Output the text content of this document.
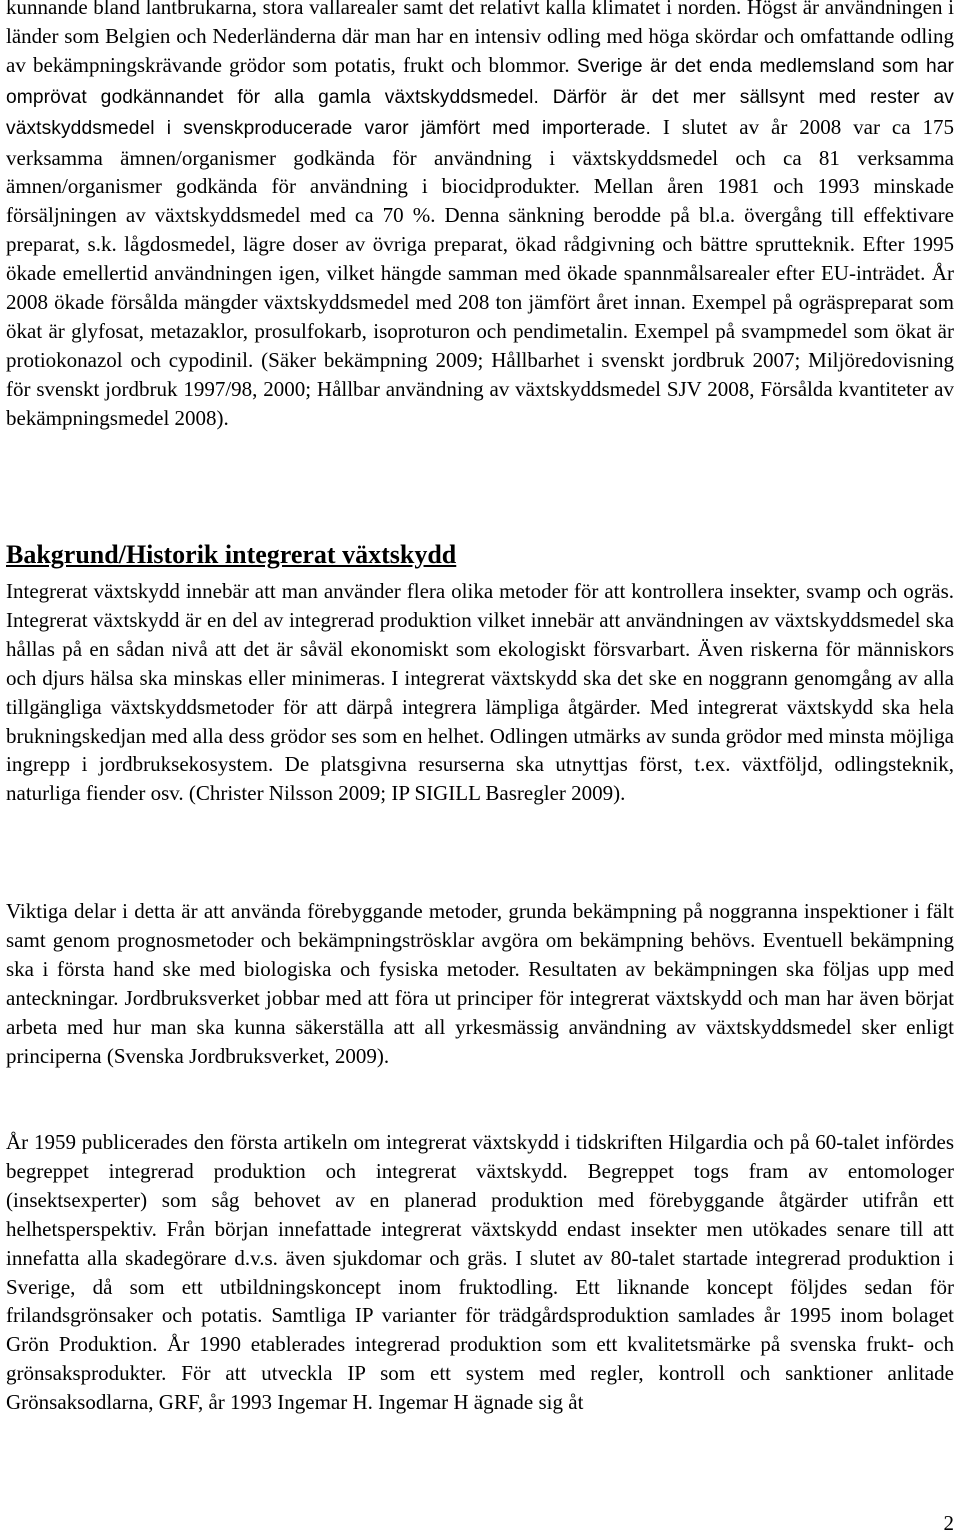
kunnande bland lantbrukarna, stora vallarealer samt det relativt kalla klimatet i norden. Högst är användningen i länder som Belgien och Nederländerna där man har en intensiv odling med höga skördar och omfattande odling av bekämpningskrävande grödor som potatis, frukt och blommor. Sverige är det enda medlemsland som har omprövat godkännandet för alla gamla växtskyddsmedel. Därför är det mer sällsynt med rester av växtskyddsmedel i svenskproducerade varor jämfört med importerade. I slutet av år 2008 var ca 175 verksamma ämnen/organismer godkända för användning i växtskyddsmedel och ca 81 verksamma ämnen/organismer godkända för användning i biocidprodukter. Mellan åren 1981 och 1993 minskade försäljningen av växtskyddsmedel med ca 70 %. Denna sänkning berodde på bl.a. övergång till effektivare preparat, s.k. lågdosmedel, lägre doser av övriga preparat, ökad rådgivning och bättre sprutteknik. Efter 1995 ökade emellertid användningen igen, vilket hängde samman med ökade spannmålsarealer efter EU-inträdet. År 2008 ökade försålda mängder växtskyddsmedel med 208 ton jämfört året innan. Exempel på ogräspreparat som ökat är glyfosat, metazaklor, prosulfokarb, isoproturon och pendimetalin. Exempel på svampmedel som ökat är protiokonazol och cypodinil. (Säker bekämpning 2009; Hållbarhet i svenskt jordbruk 2007; Miljöredovisning för svenskt jordbruk 1997/98, 2000; Hållbar användning av växtskyddsmedel SJV 2008, Försålda kvantiteter av bekämpningsmedel 2008).

Bakgrund/Historik integrerat växtskydd

Integrerat växtskydd innebär att man använder flera olika metoder för att kontrollera insekter, svamp och ogräs. Integrerat växtskydd är en del av integrerad produktion vilket innebär att användningen av växtskyddsmedel ska hållas på en sådan nivå att det är såväl ekonomiskt som ekologiskt försvarbart. Även riskerna för människors och djurs hälsa ska minskas eller minimeras. I integrerat växtskydd ska det ske en noggrann genomgång av alla tillgängliga växtskyddsmetoder för att därpå integrera lämpliga åtgärder. Med integrerat växtskydd ska hela brukningskedjan med alla dess grödor ses som en helhet. Odlingen utmärks av sunda grödor med minsta möjliga ingrepp i jordbruksekosystem. De platsgivna resurserna ska utnyttjas först, t.ex. växtföljd, odlingsteknik, naturliga fiender osv. (Christer Nilsson 2009; IP SIGILL Basregler 2009).

Viktiga delar i detta är att använda förebyggande metoder, grunda bekämpning på noggranna inspektioner i fält samt genom prognosmetoder och bekämpningströsklar avgöra om bekämpning behövs. Eventuell bekämpning ska i första hand ske med biologiska och fysiska metoder. Resultaten av bekämpningen ska följas upp med anteckningar. Jordbruksverket jobbar med att föra ut principer för integrerat växtskydd och man har även börjat arbeta med hur man ska kunna säkerställa att all yrkesmässig användning av växtskyddsmedel sker enligt principerna (Svenska Jordbruksverket, 2009).

År 1959 publicerades den första artikeln om integrerat växtskydd i tidskriften Hilgardia och på 60-talet infördes begreppet integrerad produktion och integrerat växtskydd. Begreppet togs fram av entomologer (insektsexperter) som såg behovet av en planerad produktion med förebyggande åtgärder utifrån ett helhetsperspektiv. Från början innefattade integrerat växtskydd endast insekter men utökades senare till att innefatta alla skadegörare d.v.s. även sjukdomar och gräs. I slutet av 80-talet startade integrerad produktion i Sverige, då som ett utbildningskoncept inom fruktodling. Ett liknande koncept följdes sedan för frilandsgrönsaker och potatis. Samtliga IP varianter för trädgårdsproduktion samlades år 1995 inom bolaget Grön Produktion. År 1990 etablerades integrerad produktion som ett kvalitetsmärke på svenska frukt- och grönsaksprodukter. För att utveckla IP som ett system med regler, kontroll och sanktioner anlitade Grönsaksodlarna, GRF, år 1993 Ingemar H. Ingemar H ägnade sig åt

2
